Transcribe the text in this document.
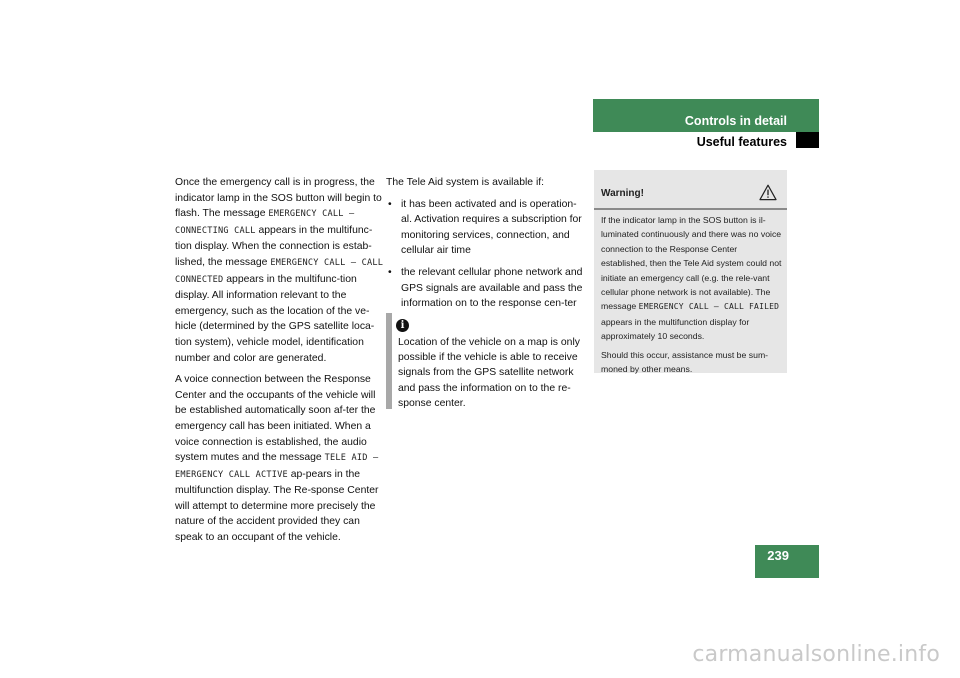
Controls in detail
Useful features

Once the emergency call is in progress, the indicator lamp in the SOS button will begin to flash. The message EMERGENCY CALL – CONNECTING CALL appears in the multifunc-tion display. When the connection is estab-lished, the message EMERGENCY CALL – CALL CONNECTED appears in the multifunc-tion display. All information relevant to the emergency, such as the location of the ve-hicle (determined by the GPS satellite loca-tion system), vehicle model, identification number and color are generated.

A voice connection between the Response Center and the occupants of the vehicle will be established automatically soon af-ter the emergency call has been initiated. When a voice connection is established, the audio system mutes and the message TELE AID – EMERGENCY CALL ACTIVE ap-pears in the multifunction display. The Re-sponse Center will attempt to determine more precisely the nature of the accident provided they can speak to an occupant of the vehicle.

The Tele Aid system is available if:

• it has been activated and is operation-al. Activation requires a subscription for monitoring services, connection, and cellular air time
• the relevant cellular phone network and GPS signals are available and pass the information on to the response cen-ter
i
Location of the vehicle on a map is only possible if the vehicle is able to receive signals from the GPS satellite network and pass the information on to the re-sponse center.
Warning!

If the indicator lamp in the SOS button is il-luminated continuously and there was no voice connection to the Response Center established, then the Tele Aid system could not initiate an emergency call (e.g. the rele-vant cellular phone network is not available). The message EMERGENCY CALL – CALL FAILED appears in the multifunction display for approximately 10 seconds.

Should this occur, assistance must be sum-moned by other means.

239
carmanualsonline.info
